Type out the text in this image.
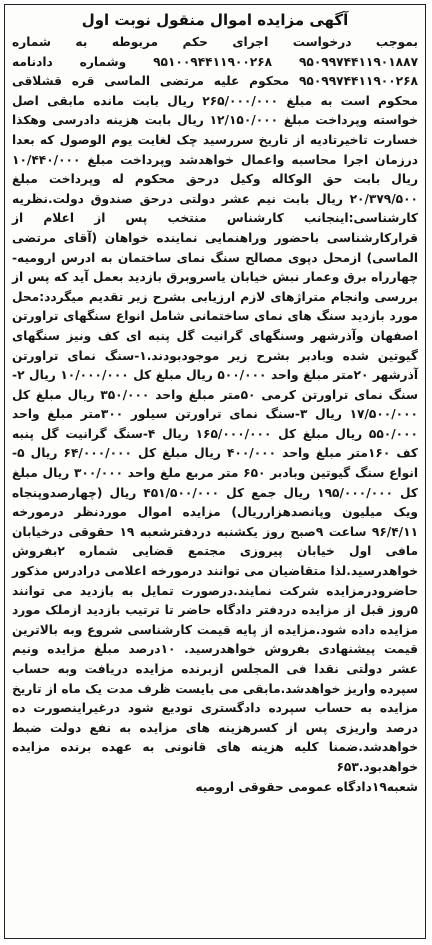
آگهی مزایده اموال منقول نوبت اول
بموجب درخواست اجرای حکم مربوطه به شماره ۹۵۰۹۹۷۴۴۱۱۹۰۱۸۸۷ ۹۵۱۰۰۹۴۴۱۱۹۰۰۲۶۸ وشماره دادنامه ۹۵۰۹۹۷۴۴۱۱۹۰۰۲۶۸ محکوم علیه مرتضی الماسی قره قشلاقی محکوم است به مبلغ ۲۶۵/۰۰۰/۰۰۰ ریال بابت مانده مابقی اصل خواسته وپرداخت مبلغ ۱۲/۱۵۰/۰۰۰ ریال بابت هزینه دادرسی وهکذا خسارت تاخیرتادیه از تاریخ سررسید چک لغایت یوم الوصول که بعدا درزمان اجرا محاسبه واعمال خواهدشد وپرداخت مبلغ ۱۰/۴۴۰/۰۰۰ ریال بابت حق الوکاله وکیل درحق محکوم له وپرداخت مبلغ ۲۰/۳۷۹/۵۰۰ ریال بابت نیم عشر دولتی درحق صندوق دولت.نظریه کارشناسی:اینجانب کارشناس منتخب پس از اعلام از قرارکارشناسی باحضور وراهنمایی نماینده خواهان (آقای مرتضی الماسی) ازمحل دپوی مصالح سنگ نمای ساختمان به ادرس ارومیه-چهارراه برق وعمار نبش خیابان یاسروبرق بازدید بعمل آید که پس از بررسی وانجام متراژهای لازم ارزیابی بشرح زیر تقدیم میگردد:محل مورد بازدید سنگ های نمای ساختمانی شامل انواع سنگهای تراورتن اصفهان وآذرشهر وسنگهای گرانیت گل پنبه ای کف ونیز سنگهای گیوتین شده وبادبر بشرح زیر موجودبودند.۱-سنگ نمای تراورتن آذرشهر ۲۰متر مبلغ واحد ۵۰۰/۰۰۰ ریال مبلغ کل ۱۰/۰۰۰/۰۰۰ ریال ۲-سنگ نمای تراورتن کرمی ۵۰متر مبلغ واحد ۳۵۰/۰۰۰ ریال مبلغ کل ۱۷/۵۰۰/۰۰۰ ریال ۳-سنگ نمای تراورتن سیلور ۳۰۰متر مبلغ واحد ۵۵۰/۰۰۰ ریال مبلغ کل ۱۶۵/۰۰۰/۰۰۰ ریال ۴-سنگ گرانیت گل پنبه کف ۱۶۰متر مبلغ واحد ۴۰۰/۰۰۰ ریال مبلغ کل ۶۴/۰۰۰/۰۰۰ ریال ۵-انواع سنگ گیوتین وبادبر ۶۵۰ متر مربع ملغ واحد ۳۰۰/۰۰۰ ریال مبلغ کل ۱۹۵/۰۰۰/۰۰۰ ریال جمع کل ۴۵۱/۵۰۰/۰۰۰ ریال (چهارصدوپنجاه ویک میلیون وپانصدهزارریال) مزایده اموال موردنظر درمورخه ۹۶/۴/۱۱ ساعت ۹صبح روز یکشنبه دردفترشعبه ۱۹ حقوقی درخیابان مافی اول خیابان پیروزی مجتمع قضایی شماره ۲بفروش خواهدرسید.لذا متقاضیان می توانند درمورخه اعلامی درادرس مذکور حاضرودرمزایده شرکت نمایند.درصورت تمایل به بازدید می توانند ۵روز قبل از مزایده دردفتر دادگاه حاضر تا ترتیب بازدید ازملک مورد مزایده داده شود.مزایده از پایه قیمت کارشناسی شروع وبه بالاترین قیمت پیشنهادی بفروش خواهدرسید. ۱۰درصد مبلغ مزایده ونیم عشر دولتی نقدا فی المجلس ازبرنده مزایده دریافت وبه حساب سپرده واریز خواهدشد.مابقی می بایست ظرف مدت یک ماه از تاریخ مزایده به حساب سپرده دادگستری تودیع شود درغیراینصورت ده درصد واریزی پس از کسرهزینه های مزایده به نفع دولت ضبط خواهدشد.ضمنا کلیه هزینه های قانونی به عهده برنده مزایده خواهدبود.۶۵۳
شعبه۱۹دادگاه عمومی حقوقی ارومیه
